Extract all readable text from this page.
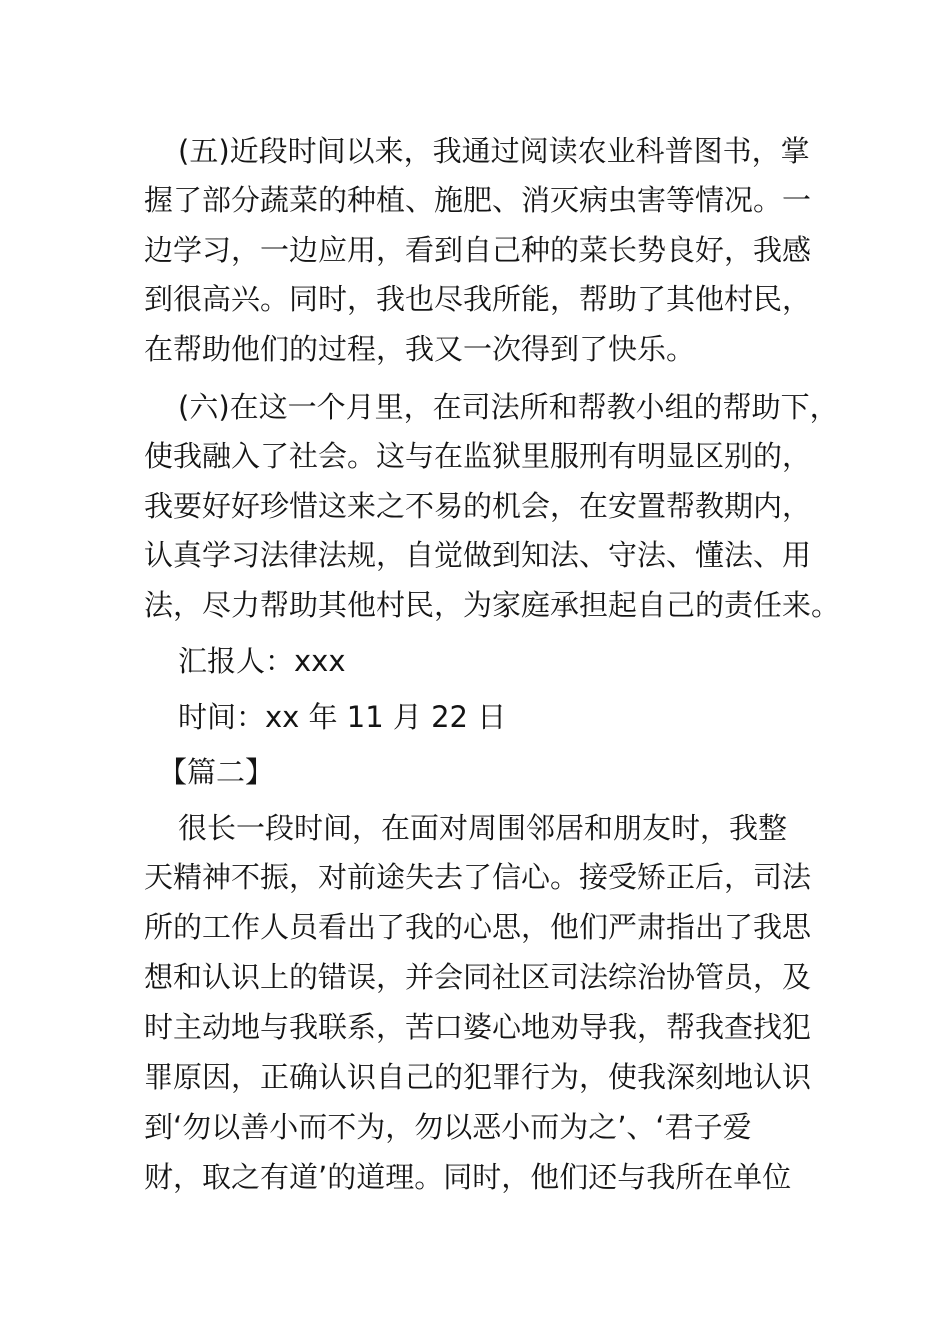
(五)近段时间以来，我通过阅读农业科普图书，掌
握了部分蔬菜的种植、施肥、消灭病虫害等情况。一
边学习，一边应用，看到自己种的菜长势良好，我感
到很高兴。同时，我也尽我所能，帮助了其他村民，
在帮助他们的过程，我又一次得到了快乐。
(六)在这一个月里，在司法所和帮教小组的帮助下，
使我融入了社会。这与在监狱里服刑有明显区别的，
我要好好珍惜这来之不易的机会，在安置帮教期内，
认真学习法律法规，自觉做到知法、守法、懂法、用
法，尽力帮助其他村民，为家庭承担起自己的责任来。
汇报人：xxx
时间：xx 年 11 月 22 日
【篇二】
很长一段时间，在面对周围邻居和朋友时，我整
天精神不振，对前途失去了信心。接受矫正后，司法
所的工作人员看出了我的心思，他们严肃指出了我思
想和认识上的错误，并会同社区司法综治协管员，及
时主动地与我联系，苦口婆心地劝导我，帮我查找犯
罪原因，正确认识自己的犯罪行为，使我深刻地认识
到‘勿以善小而不为，勿以恶小而为之’、‘君子爱
财，取之有道’的道理。同时，他们还与我所在单位
